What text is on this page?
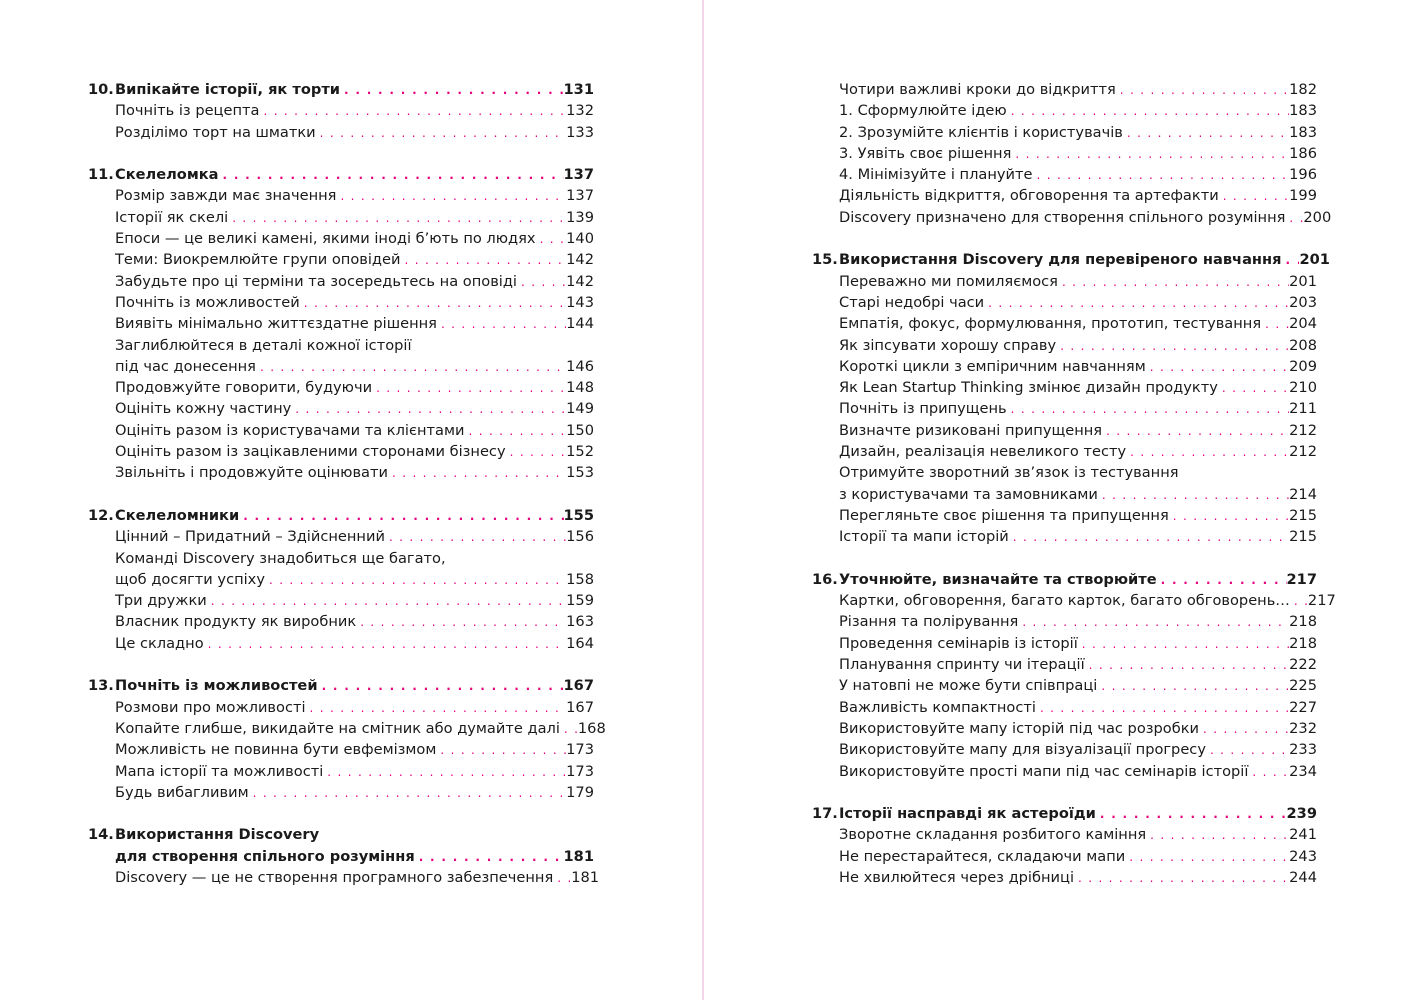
10. Випікайте історії, як торти . . .	131
Почніть із рецепта . . .	132
Розділімо торт на шматки . . .	133
11. Скелеломка . . .	137
Розмір завжди має значення . . .	137
Історії як скелі . . .	139
Епоси — це великі камені, якими іноді б’ють по людях . . . 140
Теми: Виокремлюйте групи оповідей . . .	142
Забудьте про ці терміни та зосередьтесь на оповіді . . .	142
Почніть із можливостей . . .	143
Виявіть мінімально життєздатне рішення . . .	144
Заглиблюйтеся в деталі кожної історії
під час донесення . . .	146
Продовжуйте говорити, будуючи . . .	148
Оцініть кожну частину . . .	149
Оцініть разом із користувачами та клієнтами . . .	150
Оцініть разом із зацікавленими сторонами бізнесу . . .	152
Звільніть і продовжуйте оцінювати . . .	153
12. Скелеломники . . .	155
Цінний – Придатний – Здійсненний . . .	156
Команді Discovery знадобиться ще багато,
щоб досягти успіху . . .	158
Три дружки . . .	159
Власник продукту як виробник . . .	163
Це складно . . .	164
13. Почніть із можливостей . . .	167
Розмови про можливості . . .	167
Копайте глибше, викидайте на смітник або думайте далі . . . 168
Можливість не повинна бути евфемізмом . . .	173
Мапа історії та можливості . . .	173
Будь вибагливим . . .	179
14. Використання Discovery
для створення спільного розуміння . . .	181
Discovery — це не створення програмного забезпечення . . . 181
Чотири важливі кроки до відкриття . . .	182
1. Сформулюйте ідею . . .	183
2. Зрозумійте клієнтів і користувачів . . .	183
3. Уявіть своє рішення . . .	186
4. Мінімізуйте і плануйте . . .	196
Діяльність відкриття, обговорення та артефакти . . .	199
Discovery призначено для створення спільного розуміння . . . 200
15. Використання Discovery для перевіреного навчання . . . 201
Переважно ми помиляємося . . .	201
Старі недобрі часи . . .	203
Емпатія, фокус, формулювання, прототип, тестування . . . 204
Як зіпсувати хорошу справу . . .	208
Короткі цикли з емпіричним навчанням . . .	209
Як Lean Startup Thinking змінює дизайн продукту . . .	210
Почніть із припущень . . .	211
Визначте ризиковані припущення . . .	212
Дизайн, реалізація невеликого тесту . . .	212
Отримуйте зворотний зв’язок із тестування
з користувачами та замовниками . . .	214
Перегляньте своє рішення та припущення . . .	215
Історії та мапи історій . . .	215
16. Уточнюйте, визначайте та створюйте . . .	217
Картки, обговорення, багато карток, багато обговорень… . . . 217
Різання та полірування . . .	218
Проведення семінарів із історії . . .	218
Планування спринту чи ітерації . . .	222
У натовпі не може бути співпраці . . .	225
Важливість компактності . . .	227
Використовуйте мапу історій під час розробки . . .	232
Використовуйте мапу для візуалізації прогресу . . .	233
Використовуйте прості мапи під час семінарів історії . . .	234
17. Історії насправді як астероїди . . .	239
Зворотне складання розбитого каміння . . .	241
Не перестарайтеся, складаючи мапи . . .	243
Не хвилюйтеся через дрібниці . . .	244
